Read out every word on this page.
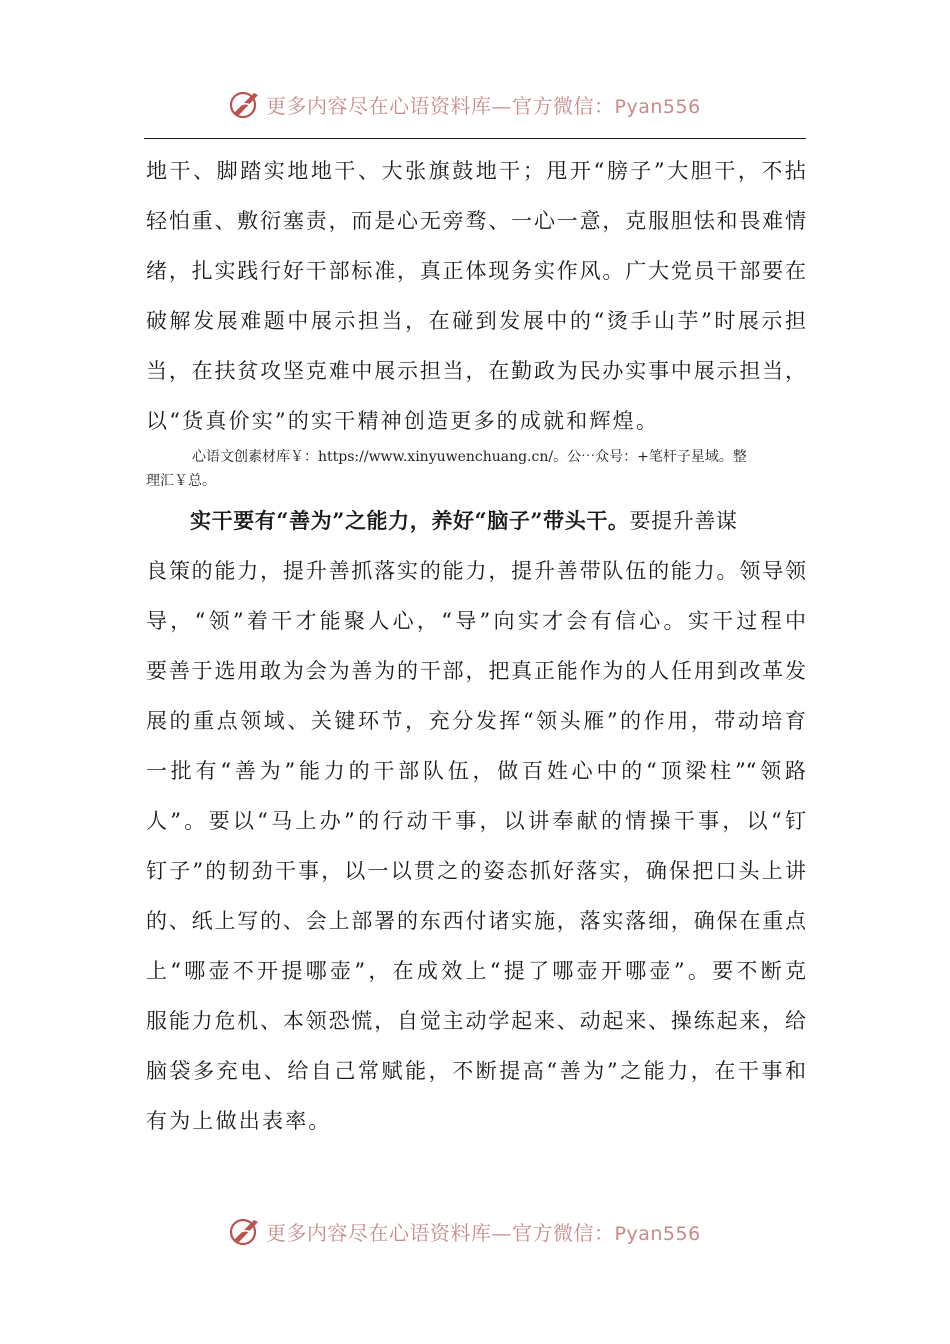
更多内容尽在心语资料库—官方微信：Pyan556
地干、脚踏实地地干、大张旗鼓地干；甩开“膀子”大胆干，不拈
轻怕重、敷衍塞责，而是心无旁骛、一心一意，克服胆怯和畏难情
绪，扎实践行好干部标准，真正体现务实作风。广大党员干部要在
破解发展难题中展示担当，在碰到发展中的“烫手山芋”时展示担
当，在扶贫攻坚克难中展示担当，在勤政为民办实事中展示担当，
以“货真价实”的实干精神创造更多的成就和辉煌。
心语文创素材库￥：https://www.xinyuwenchuang.cn/。公⋯众号：+笔杆子星域。整
理汇￥总。
实干要有“善为”之能力，养好“脑子”带头干。要提升善谋
良策的能力，提升善抓落实的能力，提升善带队伍的能力。领导领
导，“领”着干才能聚人心，“导”向实才会有信心。实干过程中
要善于选用敢为会为善为的干部，把真正能作为的人任用到改革发
展的重点领域、关键环节，充分发挥“领头雁”的作用，带动培育
一批有“善为”能力的干部队伍，做百姓心中的“顶梁柱”“领路
人”。要以“马上办”的行动干事，以讲奉献的情操干事，以“钉
钉子”的韧劲干事，以一以贯之的姿态抓好落实，确保把口头上讲
的、纸上写的、会上部署的东西付诸实施，落实落细，确保在重点
上“哪壶不开提哪壶”，在成效上“提了哪壶开哪壶”。要不断克
服能力危机、本领恐慌，自觉主动学起来、动起来、操练起来，给
脑袋多充电、给自己常赋能，不断提高“善为”之能力，在干事和
有为上做出表率。
更多内容尽在心语资料库—官方微信：Pyan556
